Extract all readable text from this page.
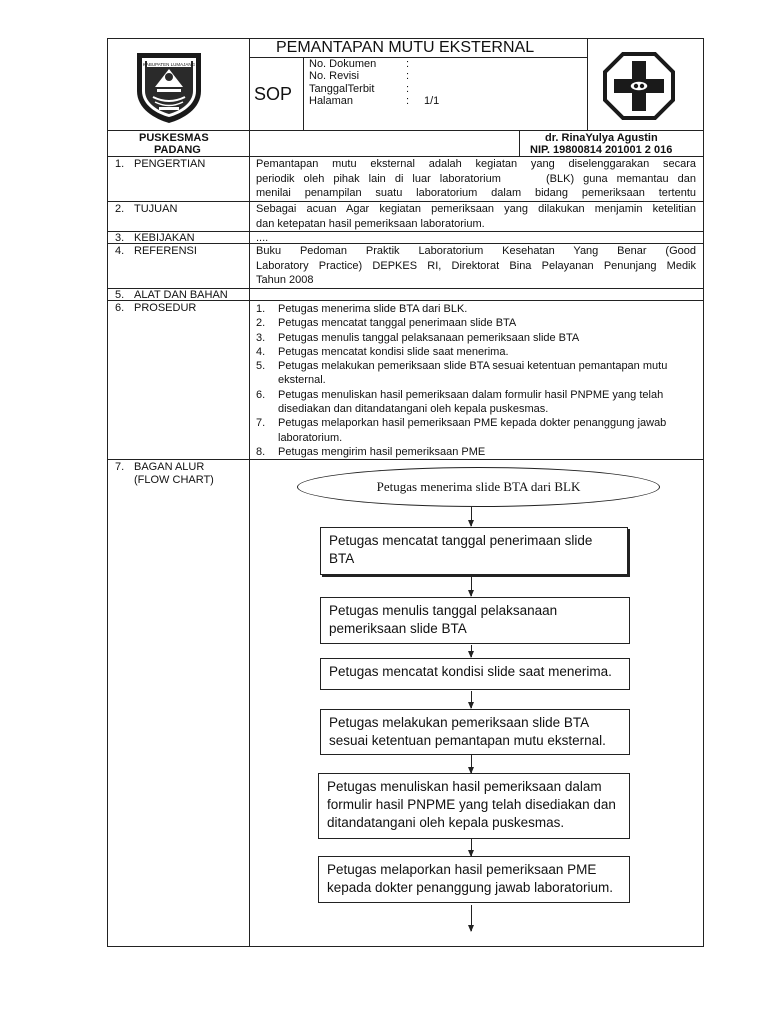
KABUPATEN LUMAJANG
PEMANTAPAN MUTU EKSTERNAL
SOP
No. Dokumen	:
No. Revisi	:
TanggalTerbit	:
Halaman	: 1/1
PUSKESMAS
PADANG
dr. RinaYulya Agustin
NIP. 19800814 201001 2 016
1. PENGERTIAN	Pemantapan mutu eksternal adalah kegiatan yang diselenggarakan secara
periodik oleh pihak lain di luar laboratorium     (BLK) guna memantau dan
menilai penampilan suatu laboratorium dalam bidang pemeriksaan tertentu
2. TUJUAN	Sebagai acuan Agar kegiatan pemeriksaan yang dilakukan menjamin ketelitian
dan ketepatan hasil pemeriksaan laboratorium.
3. KEBIJAKAN	....
4. REFERENSI	Buku Pedoman Praktik Laboratorium Kesehatan Yang Benar (Good
Laboratory Practice) DEPKES RI, Direktorat Bina Pelayanan Penunjang Medik
Tahun 2008
5. ALAT DAN BAHAN
6. PROSEDUR	1. Petugas menerima slide BTA dari BLK.
2. Petugas mencatat tanggal penerimaan slide BTA
3. Petugas menulis tanggal pelaksanaan pemeriksaan slide BTA
4. Petugas mencatat kondisi slide saat menerima.
5. Petugas melakukan pemeriksaan slide BTA sesuai ketentuan pemantapan mutu eksternal.
6. Petugas menuliskan hasil pemeriksaan dalam formulir hasil PNPME yang telah disediakan dan ditandatangani oleh kepala puskesmas.
7. Petugas melaporkan hasil pemeriksaan PME kepada dokter penanggung jawab laboratorium.
8. Petugas mengirim hasil pemeriksaan PME
7. BAGAN ALUR
(FLOW CHART)	Petugas menerima slide BTA dari BLK
Petugas mencatat tanggal penerimaan slide BTA
Petugas menulis tanggal pelaksanaan pemeriksaan slide BTA
Petugas mencatat kondisi slide saat menerima.
Petugas melakukan pemeriksaan slide BTA sesuai ketentuan pemantapan mutu eksternal.
Petugas menuliskan hasil pemeriksaan dalam formulir hasil PNPME yang telah disediakan dan ditandatangani oleh kepala puskesmas.
Petugas melaporkan hasil pemeriksaan PME kepada dokter penanggung jawab laboratorium.
